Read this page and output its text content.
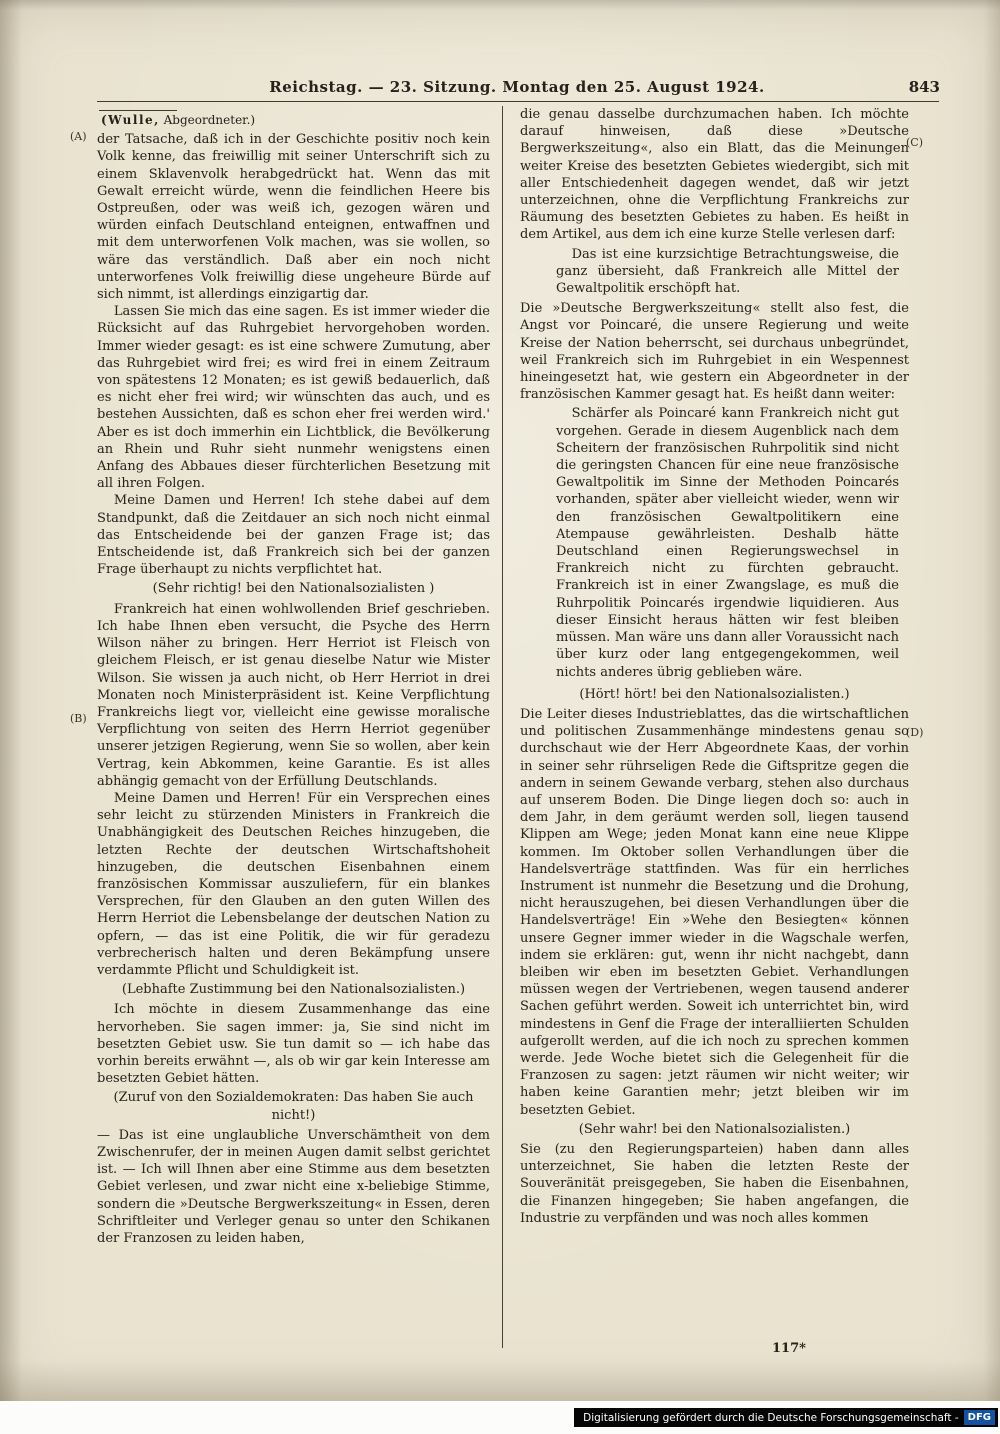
Reichstag. — 23. Sitzung. Montag den 25. August 1924.	843
(A)
(B)
(C)
(D)
(Wulle, Abgeordneter.)

der Tatsache, daß ich in der Geschichte positiv noch kein Volk kenne, das freiwillig mit seiner Unterschrift sich zu einem Sklavenvolk herabgedrückt hat. Wenn das mit Gewalt erreicht würde, wenn die feindlichen Heere bis Ostpreußen, oder was weiß ich, gezogen wären und würden einfach Deutschland enteignen, entwaffnen und mit dem unterworfenen Volk machen, was sie wollen, so wäre das verständlich. Daß aber ein noch nicht unterworfenes Volk freiwillig diese ungeheure Bürde auf sich nimmt, ist allerdings einzigartig dar.

Lassen Sie mich das eine sagen. Es ist immer wieder die Rücksicht auf das Ruhrgebiet hervorgehoben worden. Immer wieder gesagt: es ist eine schwere Zumutung, aber das Ruhrgebiet wird frei; es wird frei in einem Zeitraum von spätestens 12 Monaten; es ist gewiß bedauerlich, daß es nicht eher frei wird; wir wünschten das auch, und es bestehen Aussichten, daß es schon eher frei werden wird.' Aber es ist doch immerhin ein Lichtblick, die Bevölkerung an Rhein und Ruhr sieht nunmehr wenigstens einen Anfang des Abbaues dieser fürchterlichen Besetzung mit all ihren Folgen.

Meine Damen und Herren! Ich stehe dabei auf dem Standpunkt, daß die Zeitdauer an sich noch nicht einmal das Entscheidende bei der ganzen Frage ist; das Entscheidende ist, daß Frankreich sich bei der ganzen Frage überhaupt zu nichts verpflichtet hat.

(Sehr richtig! bei den Nationalsozialisten )

Frankreich hat einen wohlwollenden Brief geschrieben. Ich habe Ihnen eben versucht, die Psyche des Herrn Wilson näher zu bringen. Herr Herriot ist Fleisch von gleichem Fleisch, er ist genau dieselbe Natur wie Mister Wilson. Sie wissen ja auch nicht, ob Herr Herriot in drei Monaten noch Ministerpräsident ist. Keine Verpflichtung Frankreichs liegt vor, vielleicht eine gewisse moralische Verpflichtung von seiten des Herrn Herriot gegenüber unserer jetzigen Regierung, wenn Sie so wollen, aber kein Vertrag, kein Abkommen, keine Garantie. Es ist alles abhängig gemacht von der Erfüllung Deutschlands.

Meine Damen und Herren! Für ein Versprechen eines sehr leicht zu stürzenden Ministers in Frankreich die Unabhängigkeit des Deutschen Reiches hinzugeben, die letzten Rechte der deutschen Wirtschaftshoheit hinzugeben, die deutschen Eisenbahnen einem französischen Kommissar auszuliefern, für ein blankes Versprechen, für den Glauben an den guten Willen des Herrn Herriot die Lebensbelange der deutschen Nation zu opfern, — das ist eine Politik, die wir für geradezu verbrecherisch halten und deren Bekämpfung unsere verdammte Pflicht und Schuldigkeit ist.

(Lebhafte Zustimmung bei den Nationalsozialisten.)

Ich möchte in diesem Zusammenhange das eine hervorheben. Sie sagen immer: ja, Sie sind nicht im besetzten Gebiet usw. Sie tun damit so — ich habe das vorhin bereits erwähnt —, als ob wir gar kein Interesse am besetzten Gebiet hätten.

(Zuruf von den Sozialdemokraten: Das haben Sie auch nicht!)

— Das ist eine unglaubliche Unverschämtheit von dem Zwischenrufer, der in meinen Augen damit selbst gerichtet ist. — Ich will Ihnen aber eine Stimme aus dem besetzten Gebiet verlesen, und zwar nicht eine x-beliebige Stimme, sondern die »Deutsche Bergwerkszeitung« in Essen, deren Schriftleiter und Verleger genau so unter den Schikanen der Franzosen zu leiden haben,

die genau dasselbe durchzumachen haben. Ich möchte darauf hinweisen, daß diese »Deutsche Bergwerkszeitung«, also ein Blatt, das die Meinungen weiter Kreise des besetzten Gebietes wiedergibt, sich mit aller Entschiedenheit dagegen wendet, daß wir jetzt unterzeichnen, ohne die Verpflichtung Frankreichs zur Räumung des besetzten Gebietes zu haben. Es heißt in dem Artikel, aus dem ich eine kurze Stelle verlesen darf:

Das ist eine kurzsichtige Betrachtungsweise, die ganz übersieht, daß Frankreich alle Mittel der Gewaltpolitik erschöpft hat.

Die »Deutsche Bergwerkszeitung« stellt also fest, die Angst vor Poincaré, die unsere Regierung und weite Kreise der Nation beherrscht, sei durchaus unbegründet, weil Frankreich sich im Ruhrgebiet in ein Wespennest hineingesetzt hat, wie gestern ein Abgeordneter in der französischen Kammer gesagt hat. Es heißt dann weiter:

Schärfer als Poincaré kann Frankreich nicht gut vorgehen. Gerade in diesem Augenblick nach dem Scheitern der französischen Ruhrpolitik sind nicht die geringsten Chancen für eine neue französische Gewaltpolitik im Sinne der Methoden Poincarés vorhanden, später aber vielleicht wieder, wenn wir den französischen Gewaltpolitikern eine Atempause gewährleisten. Deshalb hätte Deutschland einen Regierungswechsel in Frankreich nicht zu fürchten gebraucht. Frankreich ist in einer Zwangslage, es muß die Ruhrpolitik Poincarés irgendwie liquidieren. Aus dieser Einsicht heraus hätten wir fest bleiben müssen. Man wäre uns dann aller Voraussicht nach über kurz oder lang entgegengekommen, weil nichts anderes übrig geblieben wäre.

(Hört! hört! bei den Nationalsozialisten.)

Die Leiter dieses Industrieblattes, das die wirtschaftlichen und politischen Zusammenhänge mindestens genau so durchschaut wie der Herr Abgeordnete Kaas, der vorhin in seiner sehr rührseligen Rede die Giftspritze gegen die andern in seinem Gewande verbarg, stehen also durchaus auf unserem Boden. Die Dinge liegen doch so: auch in dem Jahr, in dem geräumt werden soll, liegen tausend Klippen am Wege; jeden Monat kann eine neue Klippe kommen. Im Oktober sollen Verhandlungen über die Handelsverträge stattfinden. Was für ein herrliches Instrument ist nunmehr die Besetzung und die Drohung, nicht herauszugehen, bei diesen Verhandlungen über die Handelsverträge! Ein »Wehe den Besiegten« können unsere Gegner immer wieder in die Wagschale werfen, indem sie erklären: gut, wenn ihr nicht nachgebt, dann bleiben wir eben im besetzten Gebiet. Verhandlungen müssen wegen der Vertriebenen, wegen tausend anderer Sachen geführt werden. Soweit ich unterrichtet bin, wird mindestens in Genf die Frage der interalliierten Schulden aufgerollt werden, auf die ich noch zu sprechen kommen werde. Jede Woche bietet sich die Gelegenheit für die Franzosen zu sagen: jetzt räumen wir nicht weiter; wir haben keine Garantien mehr; jetzt bleiben wir im besetzten Gebiet.

(Sehr wahr! bei den Nationalsozialisten.)

Sie (zu den Regierungsparteien) haben dann alles unterzeichnet, Sie haben die letzten Reste der Souveränität preisgegeben, Sie haben die Eisenbahnen, die Finanzen hingegeben; Sie haben angefangen, die Industrie zu verpfänden und was noch alles kommen

117*
Digitalisierung gefördert durch die Deutsche Forschungsgemeinschaft - DFG
